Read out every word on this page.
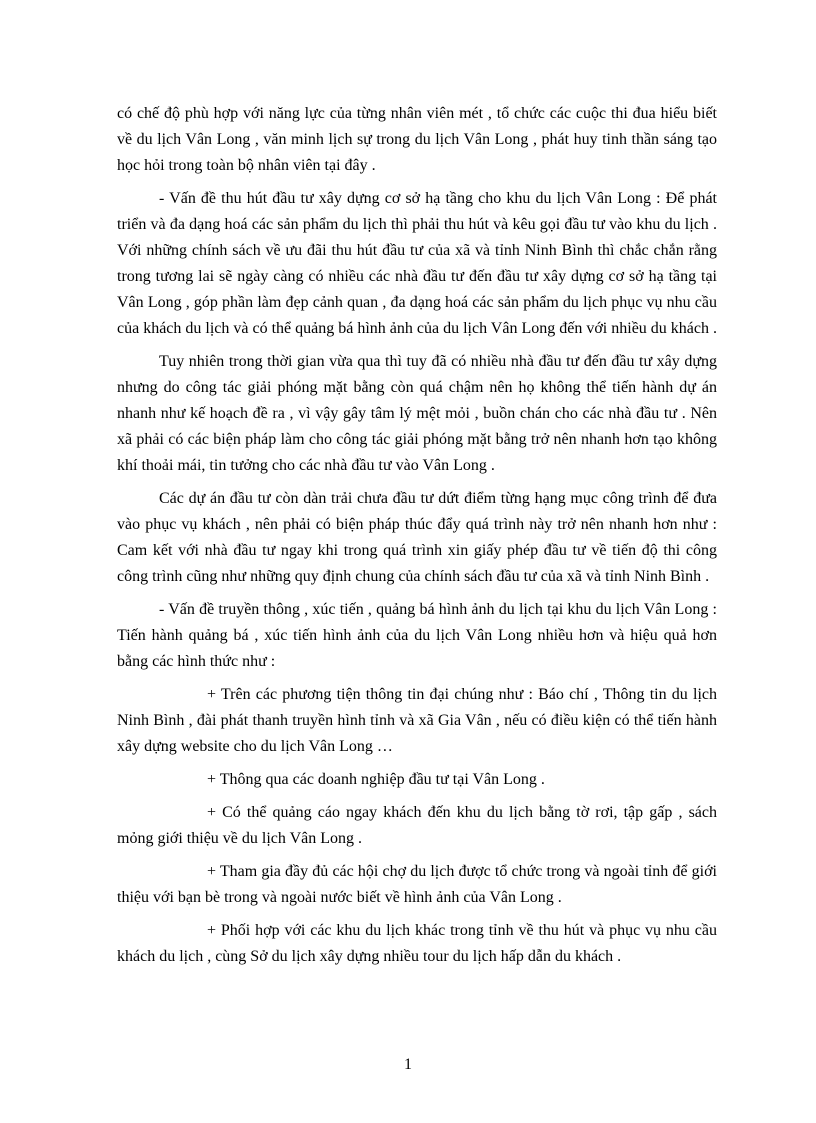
có chế độ phù hợp với năng lực của từng nhân viên mét , tổ chức các cuộc thi đua hiểu biết về du lịch Vân Long , văn minh lịch sự trong du lịch Vân Long , phát huy tinh thần sáng tạo học hỏi trong toàn bộ nhân viên tại đây .

- Vấn đề thu hút đầu tư xây dựng cơ sở hạ tầng cho khu du lịch Vân Long : Để phát triển và đa dạng hoá các sản phẩm du lịch thì phải thu hút và kêu gọi đầu tư vào khu du lịch . Với những chính sách về ưu đãi thu hút đầu tư của xã và tỉnh Ninh Bình thì chắc chắn rằng trong tương lai sẽ ngày càng có nhiều các nhà đầu tư đến đầu tư xây dựng cơ sở hạ tầng tại Vân Long , góp phần làm đẹp cảnh quan , đa dạng hoá các sản phẩm du lịch phục vụ nhu cầu của khách du lịch và có thể quảng bá hình ảnh của du lịch Vân Long đến với nhiều du khách .

Tuy nhiên trong thời gian vừa qua thì tuy đã có nhiều nhà đầu tư đến đầu tư xây dựng nhưng do công tác giải phóng mặt bằng còn quá chậm nên họ không thể tiến hành dự án nhanh như kế hoạch đề ra , vì vậy gây tâm lý mệt mỏi , buồn chán cho các nhà đầu tư . Nên xã phải có các biện pháp làm cho công tác giải phóng mặt bằng trở nên nhanh hơn tạo không khí thoải mái, tin tưởng cho các nhà đầu tư vào Vân Long .

Các dự án đầu tư còn dàn trải chưa đầu tư dứt điểm từng hạng mục công trình để đưa vào phục vụ khách , nên phải có biện pháp thúc đẩy quá trình này trở nên nhanh hơn như : Cam kết với nhà đầu tư ngay khi trong quá trình xin giấy phép đầu tư về tiến độ thi công công trình cũng như những quy định chung của chính sách đầu tư của xã và tỉnh Ninh Bình .

- Vấn đề truyền thông , xúc tiến , quảng bá hình ảnh du lịch tại khu du lịch Vân Long : Tiến hành quảng bá , xúc tiến hình ảnh của du lịch Vân Long nhiều hơn và hiệu quả hơn bằng các hình thức như :

+ Trên các phương tiện thông tin đại chúng như : Báo chí , Thông tin du lịch Ninh Bình , đài phát thanh truyền hình tỉnh và xã Gia Vân , nếu có điều kiện có thể tiến hành xây dựng website cho du lịch Vân Long …

+ Thông qua các doanh nghiệp đầu tư tại Vân Long .

+ Có thể quảng cáo ngay khách đến khu du lịch bằng tờ rơi, tập gấp , sách mỏng giới thiệu về du lịch Vân Long .

+ Tham gia đầy đủ các hội chợ du lịch được tổ chức trong và ngoài tỉnh để giới thiệu với bạn bè trong và ngoài nước biết về hình ảnh của Vân Long .

+ Phối hợp với các khu du lịch khác trong tỉnh về thu hút và phục vụ nhu cầu khách du lịch , cùng Sở du lịch xây dựng nhiều tour du lịch hấp dẫn du khách .

1
